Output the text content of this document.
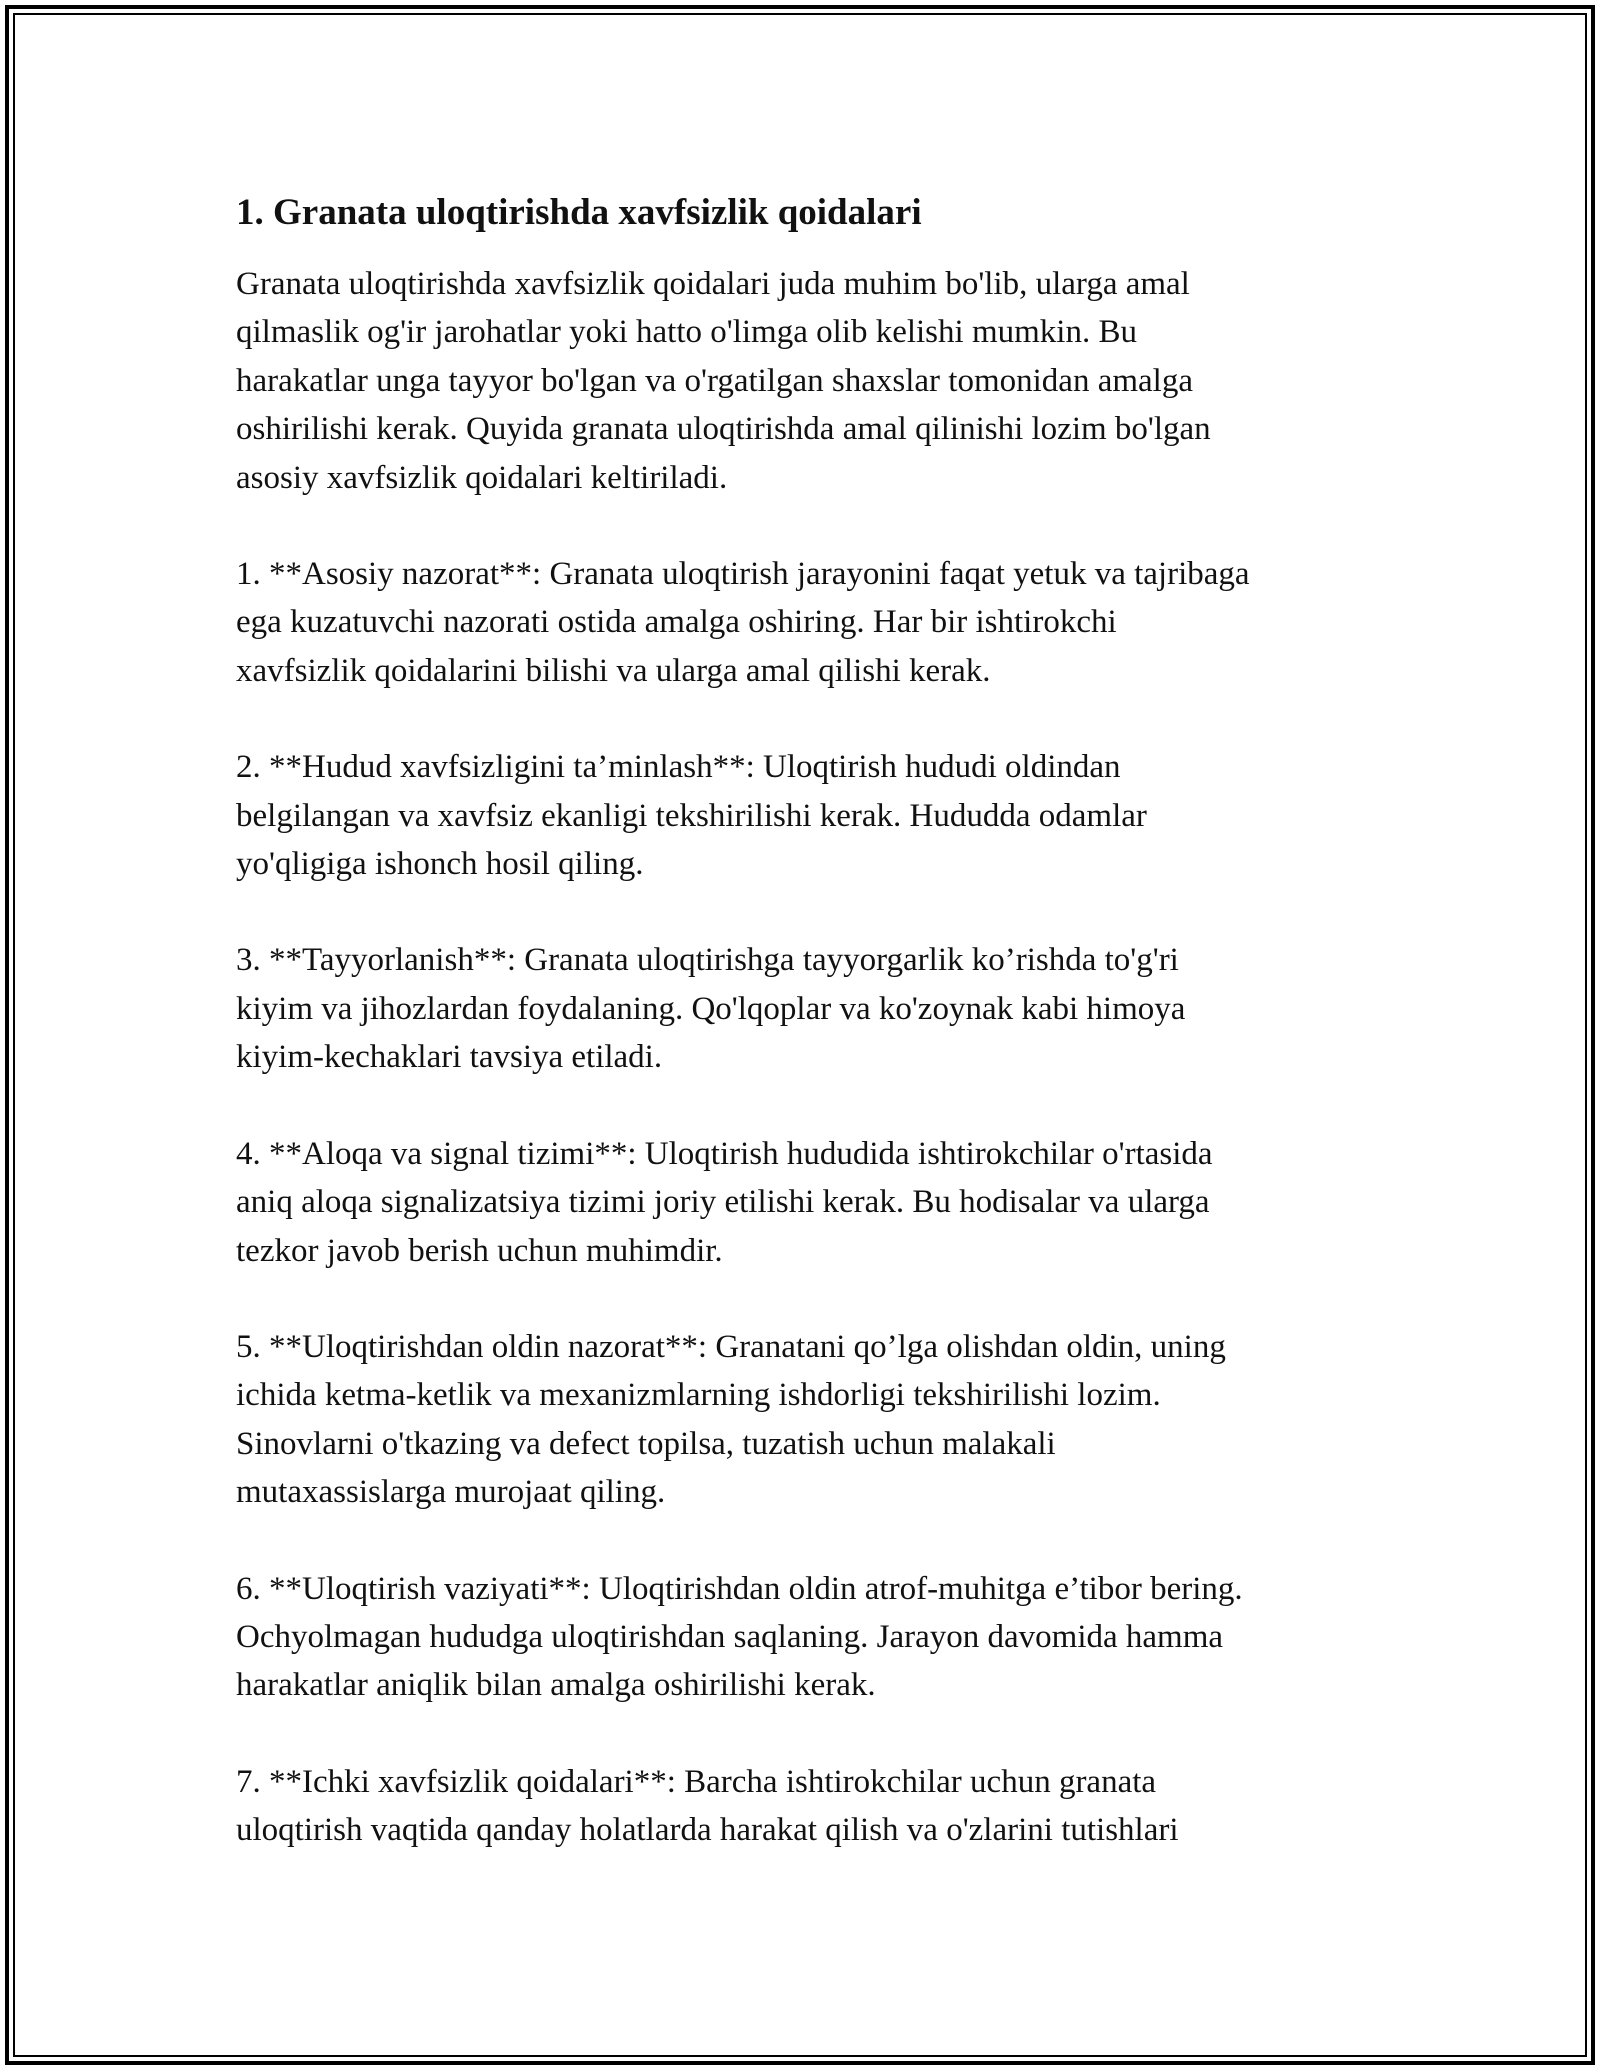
1. Granata uloqtirishda xavfsizlik qoidalari

Granata uloqtirishda xavfsizlik qoidalari juda muhim bo'lib, ularga amal
qilmaslik og'ir jarohatlar yoki hatto o'limga olib kelishi mumkin. Bu
harakatlar unga tayyor bo'lgan va o'rgatilgan shaxslar tomonidan amalga
oshirilishi kerak. Quyida granata uloqtirishda amal qilinishi lozim bo'lgan
asosiy xavfsizlik qoidalari keltiriladi.

1. **Asosiy nazorat**: Granata uloqtirish jarayonini faqat yetuk va tajribaga
ega kuzatuvchi nazorati ostida amalga oshiring. Har bir ishtirokchi
xavfsizlik qoidalarini bilishi va ularga amal qilishi kerak.

2. **Hudud xavfsizligini ta’minlash**: Uloqtirish hududi oldindan
belgilangan va xavfsiz ekanligi tekshirilishi kerak. Hududda odamlar
yo'qligiga ishonch hosil qiling.

3. **Tayyorlanish**: Granata uloqtirishga tayyorgarlik ko’rishda to'g'ri
kiyim va jihozlardan foydalaning. Qo'lqoplar va ko'zoynak kabi himoya
kiyim-kechaklari tavsiya etiladi.

4. **Aloqa va signal tizimi**: Uloqtirish hududida ishtirokchilar o'rtasida
aniq aloqa signalizatsiya tizimi joriy etilishi kerak. Bu hodisalar va ularga
tezkor javob berish uchun muhimdir.

5. **Uloqtirishdan oldin nazorat**: Granatani qo’lga olishdan oldin, uning
ichida ketma-ketlik va mexanizmlarning ishdorligi tekshirilishi lozim.
Sinovlarni o'tkazing va defect topilsa, tuzatish uchun malakali
mutaxassislarga murojaat qiling.

6. **Uloqtirish vaziyati**: Uloqtirishdan oldin atrof-muhitga e’tibor bering.
Ochyolmagan hududga uloqtirishdan saqlaning. Jarayon davomida hamma
harakatlar aniqlik bilan amalga oshirilishi kerak.

7. **Ichki xavfsizlik qoidalari**: Barcha ishtirokchilar uchun granata
uloqtirish vaqtida qanday holatlarda harakat qilish va o'zlarini tutishlari
